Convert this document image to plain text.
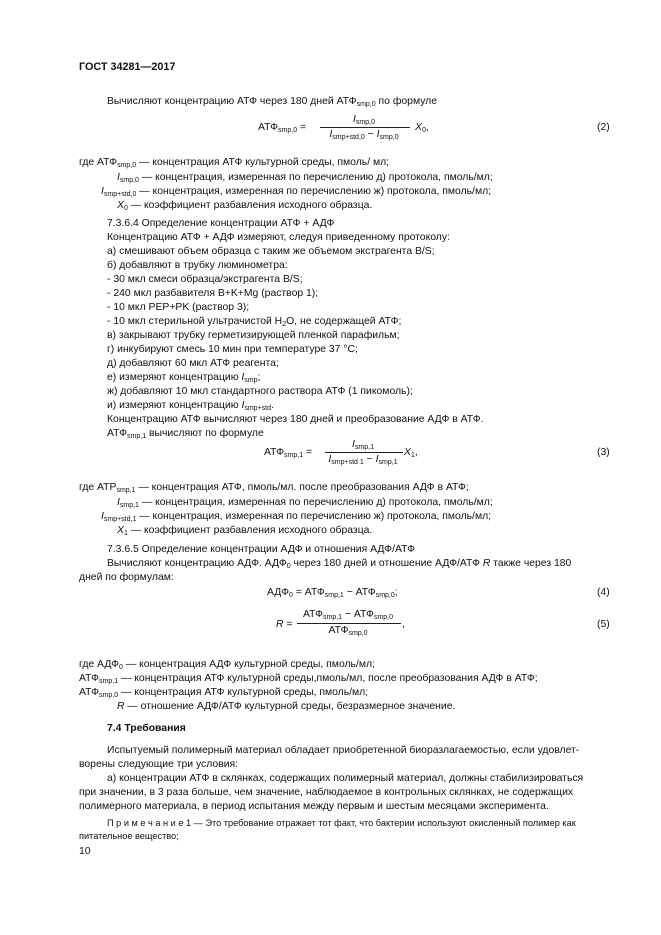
ГОСТ 34281—2017
Вычисляют концентрацию АТФ через 180 дней $АТФ_{smp,0}$ по формуле
$АТФ_{smp,0}$ =
$I_{smp,0}$
$I_{smp+std,0} - I_{smp,0}$
$X_0$,	(2)
где $АТФ_{smp,0}$ — концентрация АТФ культурной среды, пмоль/ мл;
$I_{smp,0}$ — концентрация, измеренная по перечислению д) протокола, пмоль/мл;
$I_{smp+std,0}$ — концентрация, измеренная по перечислению ж) протокола, пмоль/мл;
$X_0$ — коэффициент разбавления исходного образца.
7.3.6.4 Определение концентрации АТФ + АДФ
Концентрацию АТФ + АДФ измеряют, следуя приведенному протоколу:
а) смешивают объем образца с таким же объемом экстрагента B/S;
б) добавляют в трубку люминометра:
- 30 мкл смеси образца/экстрагента B/S;
- 240 мкл разбавителя В+K+Mg (раствор 1);
- 10 мкл PEP+PK (раствор 3);
- 10 мкл стерильной ультрачистой $H_2O$, не содержащей АТФ;
в) закрывают трубку герметизирующей пленкой парафильм;
г) инкубируют смесь 10 мин при температуре 37 °С;
д) добавляют 60 мкл АТФ реагента;
е) измеряют концентрацию $I_{smp}$;
ж) добавляют 10 мкл стандартного раствора АТФ (1 пикомоль);
и) измеряют концентрацию $I_{smp+std}$.
Концентрацию АТФ вычисляют через 180 дней и преобразование АДФ в АТФ.
$АТФ_{smp,1}$ вычисляют по формуле
$АТФ_{smp,1}$ =
$I_{smp,1}$
$I_{smp+std 1} - I_{smp,1}$
$X_1$,	(3)
где $АТР_{smp,1}$ — концентрация АТФ, пмоль/мл. после преобразования АДФ в АТФ;
$I_{smp,1}$ — концентрация, измеренная по перечислению д) протокола, пмоль/мл;
$I_{smp+std,1}$ — концентрация, измеренная по перечислению ж) протокола, пмоль/мл;
$X_1$ — коэффициент разбавления исходного образца.
7.3.6.5 Определение концентрации АДФ и отношения АДФ/АТФ
Вычисляют концентрацию АДФ. $АДФ_0$ через 180 дней и отношение АДФ/АТФ R также через 180
дней по формулам:
$АДФ_0 = АТФ_{smp,1} - АТФ_{smp,0}$;	(4)
R =
$АТФ_{smp,1} - АТФ_{smp,0}$
$АТФ_{smp,0}$
,	(5)
где $АДФ_0$ — концентрация АДФ культурной среды, пмоль/мл;
$АТФ_{smp,1}$ — концентрация АТФ культурной среды,пмоль/мл, после преобразования АДФ в АТФ;
$АТФ_{smp,0}$ — концентрация АТФ культурной среды, пмоль/мл;
R — отношение АДФ/АТФ культурной среды, безразмерное значение.
7.4 Требования
Испытуемый полимерный материал обладает приобретенной биоразлагаемостью, если удовлет-
ворены следующие три условия:
а) концентрации АТФ в склянках, содержащих полимерный материал, должны стабилизироваться
при значении, в 3 раза больше, чем значение, наблюдаемое в контрольных склянках, не содержащих
полимерного материала, в период испытания между первым и шестым месяцами эксперимента.
П р и м е ч а н и е 1 — Это требование отражает тот факт, что бактерии используют окисленный полимер как
питательное вещество;
10
